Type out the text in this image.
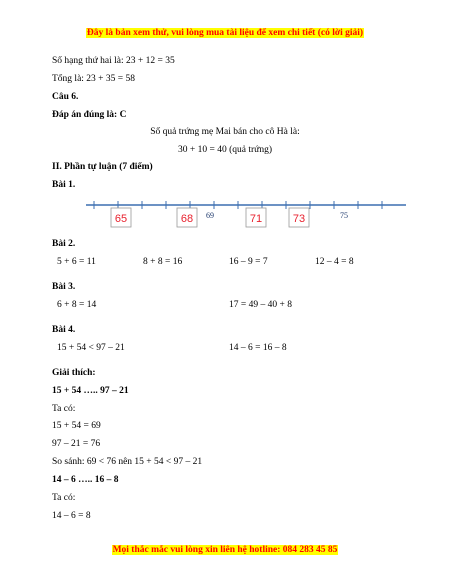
Đây là bản xem thử, vui lòng mua tài liệu để xem chi tiết (có lời giải)
Số hạng thứ hai là: 23 + 12 = 35
Tổng là: 23 + 35 = 58
Câu 6.
Đáp án đúng là: C
Số quả trứng mẹ Mai bán cho cô Hà là:
30 + 10 = 40 (quả trứng)
II. Phần tự luận (7 điểm)
Bài 1.
65	68 69	71	73	75
Bài 2.
5 + 6 = 11	8 + 8 = 16	16 – 9 = 7	12 – 4 = 8
Bài 3.
6 + 8 = 14	17 = 49 – 40 + 8
Bài 4.
15 + 54 < 97 – 21	14 – 6 = 16 – 8
Giải thích:
15 + 54 ….. 97 – 21
Ta có:
15 + 54 = 69
97 – 21 = 76
So sánh: 69 < 76 nên 15 + 54 < 97 – 21
14 – 6 ….. 16 – 8
Ta có:
14 – 6 = 8
Mọi thắc mắc vui lòng xin liên hệ hotline: 084 283 45 85
